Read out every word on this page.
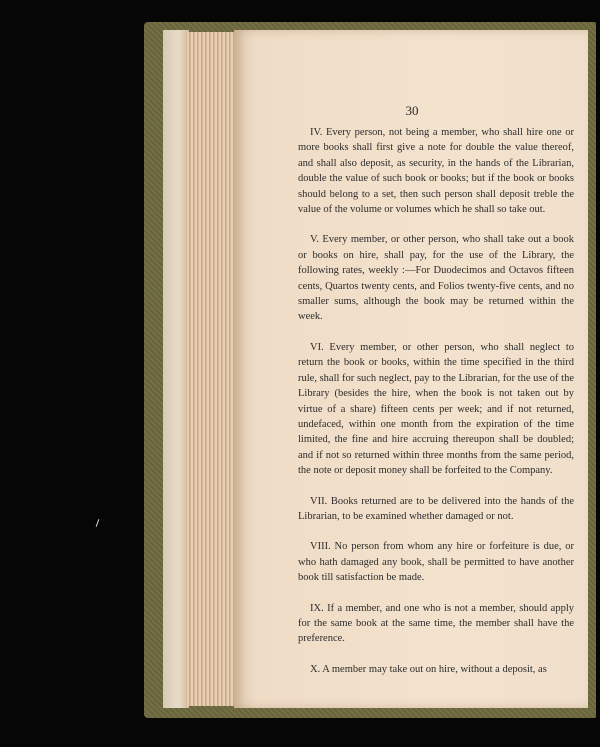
30

IV. Every person, not being a member, who shall hire one or more books shall first give a note for double the value thereof, and shall also deposit, as security, in the hands of the Librarian, double the value of such book or books; but if the book or books should belong to a set, then such person shall deposit treble the value of the volume or volumes which he shall so take out.

V. Every member, or other person, who shall take out a book or books on hire, shall pay, for the use of the Library, the following rates, weekly :—For Duodecimos and Octavos fifteen cents, Quartos twenty cents, and Folios twenty-five cents, and no smaller sums, although the book may be returned within the week.

VI. Every member, or other person, who shall neglect to return the book or books, within the time specified in the third rule, shall for such neglect, pay to the Librarian, for the use of the Library (besides the hire, when the book is not taken out by virtue of a share) fifteen cents per week; and if not returned, undefaced, within one month from the expiration of the time limited, the fine and hire accruing thereupon shall be doubled; and if not so returned within three months from the same period, the note or deposit money shall be forfeited to the Company.

VII. Books returned are to be delivered into the hands of the Librarian, to be examined whether damaged or not.

VIII. No person from whom any hire or forfeiture is due, or who hath damaged any book, shall be permitted to have another book till satisfaction be made.

IX. If a member, and one who is not a member, should apply for the same book at the same time, the member shall have the preference.

X. A member may take out on hire, without a deposit, as
